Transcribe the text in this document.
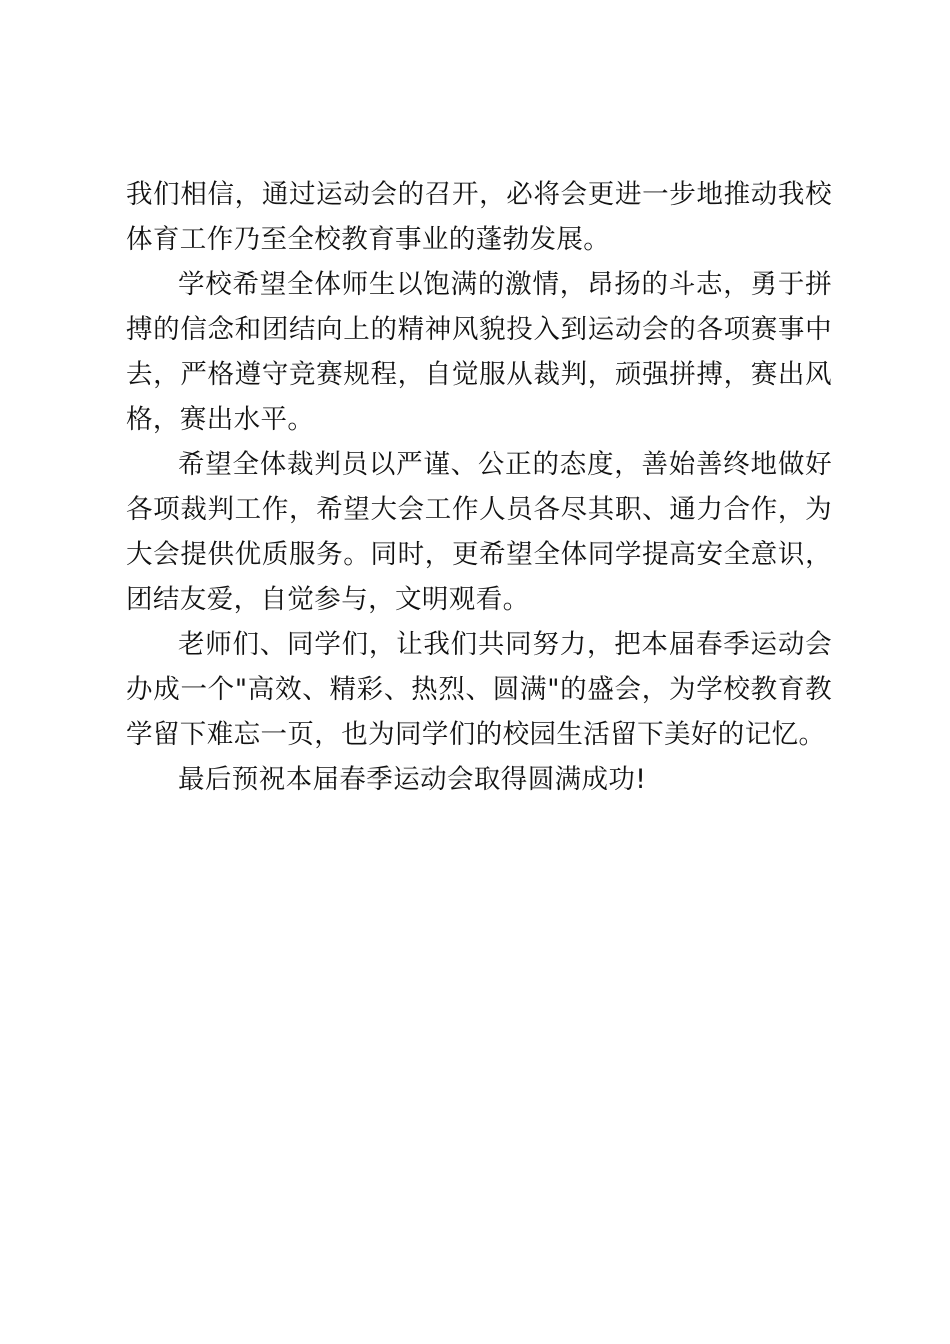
我们相信，通过运动会的召开，必将会更进一步地推动我校体育工作乃至全校教育事业的蓬勃发展。

学校希望全体师生以饱满的激情，昂扬的斗志，勇于拼搏的信念和团结向上的精神风貌投入到运动会的各项赛事中去，严格遵守竞赛规程，自觉服从裁判，顽强拼搏，赛出风格，赛出水平。

希望全体裁判员以严谨、公正的态度，善始善终地做好各项裁判工作，希望大会工作人员各尽其职、通力合作，为大会提供优质服务。同时，更希望全体同学提高安全意识，团结友爱，自觉参与，文明观看。

老师们、同学们，让我们共同努力，把本届春季运动会办成一个"高效、精彩、热烈、圆满"的盛会，为学校教育教学留下难忘一页，也为同学们的校园生活留下美好的记忆。

最后预祝本届春季运动会取得圆满成功!
